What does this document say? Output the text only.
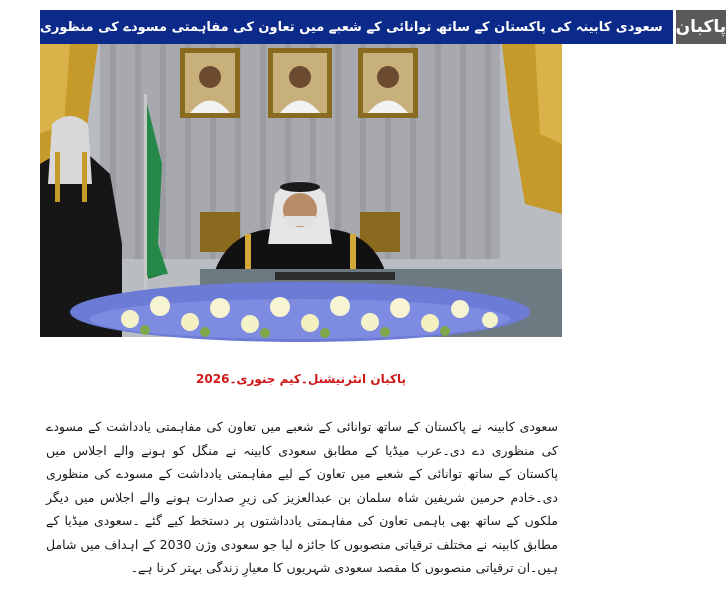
سعودی کابینہ کی پاکستان کے ساتھ توانائی کے شعبے میں تعاون کی مفاہمتی مسودے کی منظوری پاکبان
پاکبان انٹرنیشنل۔کیم جنوری۔2026
سعودی کابینہ نے پاکستان کے ساتھ توانائی کے شعبے میں تعاون کی مفاہمتی یادداشت کے مسودے کی منظوری دے دی۔عرب میڈیا کے مطابق سعودی کابینہ نے منگل کو ہونے والے اجلاس میں پاکستان کے ساتھ توانائی کے شعبے میں تعاون کے لیے مفاہمتی یادداشت کے مسودے کی منظوری دی۔خادم حرمین شریفین شاہ سلمان بن عبدالعزیز کی زیرِ صدارت ہونے والے اجلاس میں دیگر ملکوں کے ساتھ بھی باہمی تعاون کی مفاہمتی یادداشتوں پر دستخط کیے گئے ۔سعودی میڈیا کے مطابق کابینہ نے مختلف ترقیاتی منصوبوں کا جائزہ لیا جو سعودی وژن 2030 کے اہداف میں شامل ہیں۔ان ترقیاتی منصوبوں کا مقصد سعودی شہریوں کا معیارِ زندگی بہتر کرنا ہے۔
